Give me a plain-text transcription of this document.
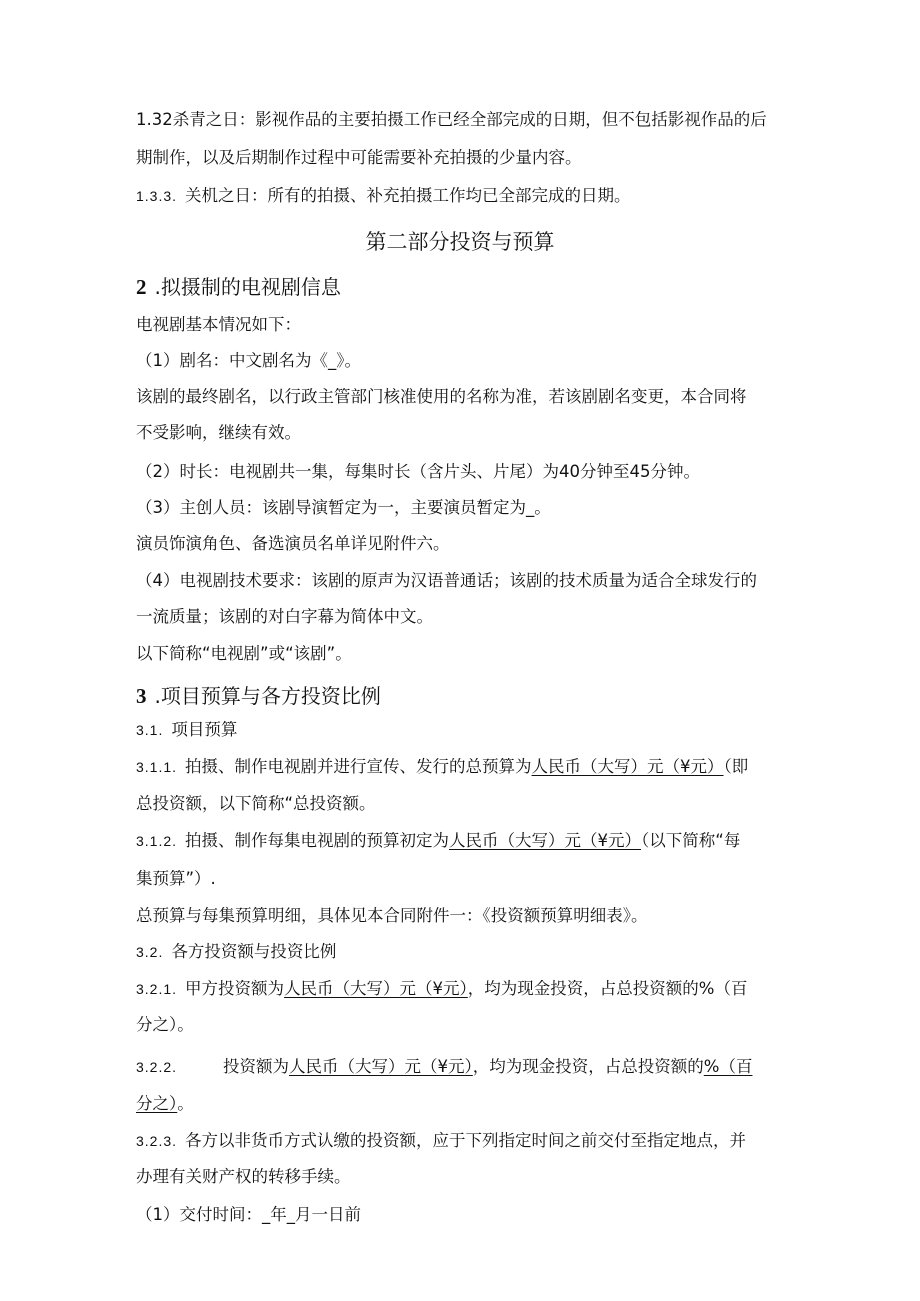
1.32杀青之日：影视作品的主要拍摄工作已经全部完成的日期，但不包括影视作品的后
期制作，以及后期制作过程中可能需要补充拍摄的少量内容。
1.3.3. 关机之日：所有的拍摄、补充拍摄工作均已全部完成的日期。
第二部分投资与预算
2 .拟摄制的电视剧信息
电视剧基本情况如下：
（1）剧名：中文剧名为《_》。
该剧的最终剧名，以行政主管部门核准使用的名称为准，若该剧剧名变更，本合同将
不受影响，继续有效。
（2）时长：电视剧共一集，每集时长（含片头、片尾）为40分钟至45分钟。
（3）主创人员：该剧导演暂定为一，主要演员暂定为_。
演员饰演角色、备选演员名单详见附件六。
（4）电视剧技术要求：该剧的原声为汉语普通话；该剧的技术质量为适合全球发行的
一流质量；该剧的对白字幕为简体中文。
以下简称“电视剧”或“该剧”。
3 .项目预算与各方投资比例
3.1. 项目预算
3.1.1. 拍摄、制作电视剧并进行宣传、发行的总预算为人民币（大写）元（¥元）（即
总投资额，以下简称“总投资额。
3.1.2. 拍摄、制作每集电视剧的预算初定为人民币（大写）元（¥元）（以下简称“每
集预算”）.
总预算与每集预算明细，具体见本合同附件一：《投资额预算明细表》。
3.2. 各方投资额与投资比例
3.2.1. 甲方投资额为人民币（大写）元（¥元），均为现金投资，占总投资额的%（百
分之）。
3.2.2.	投资额为人民币（大写）元（¥元），均为现金投资，占总投资额的%（百
分之）。
3.2.3. 各方以非货币方式认缴的投资额，应于下列指定时间之前交付至指定地点，并
办理有关财产权的转移手续。
（1）交付时间：_年_月一日前
